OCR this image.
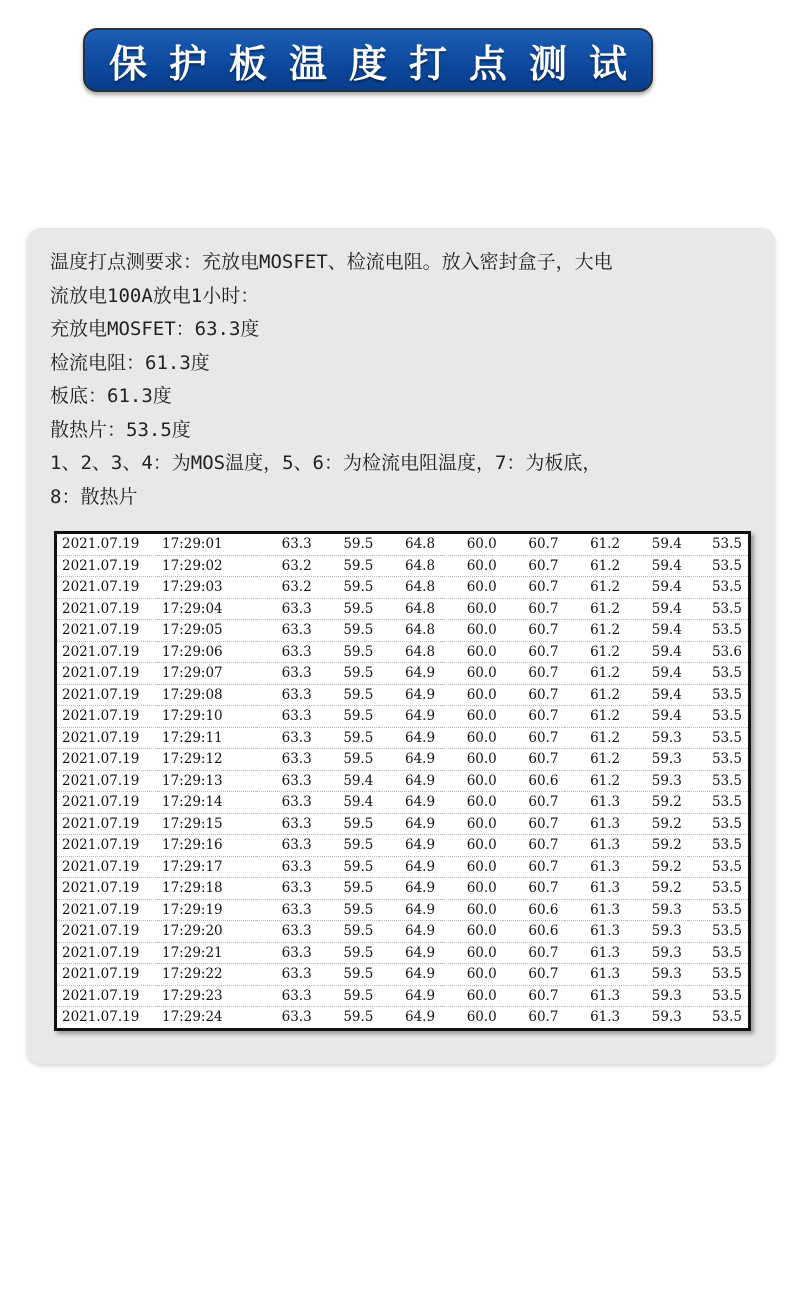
保护板温度打点测试
温度打点测要求：充放电MOSFET、检流电阻。放入密封盒子，大电
流放电100A放电1小时：
充放电MOSFET：63.3度
检流电阻：61.3度
板底：61.3度
散热片：53.5度
1、2、3、4：为MOS温度，5、6：为检流电阻温度，7：为板底，
8：散热片
2021.07.19	17:29:01	63.3	59.5	64.8	60.0	60.7	61.2	59.4	53.5
2021.07.19	17:29:02	63.2	59.5	64.8	60.0	60.7	61.2	59.4	53.5
2021.07.19	17:29:03	63.2	59.5	64.8	60.0	60.7	61.2	59.4	53.5
2021.07.19	17:29:04	63.3	59.5	64.8	60.0	60.7	61.2	59.4	53.5
2021.07.19	17:29:05	63.3	59.5	64.8	60.0	60.7	61.2	59.4	53.5
2021.07.19	17:29:06	63.3	59.5	64.8	60.0	60.7	61.2	59.4	53.6
2021.07.19	17:29:07	63.3	59.5	64.9	60.0	60.7	61.2	59.4	53.5
2021.07.19	17:29:08	63.3	59.5	64.9	60.0	60.7	61.2	59.4	53.5
2021.07.19	17:29:10	63.3	59.5	64.9	60.0	60.7	61.2	59.4	53.5
2021.07.19	17:29:11	63.3	59.5	64.9	60.0	60.7	61.2	59.3	53.5
2021.07.19	17:29:12	63.3	59.5	64.9	60.0	60.7	61.2	59.3	53.5
2021.07.19	17:29:13	63.3	59.4	64.9	60.0	60.6	61.2	59.3	53.5
2021.07.19	17:29:14	63.3	59.4	64.9	60.0	60.7	61.3	59.2	53.5
2021.07.19	17:29:15	63.3	59.5	64.9	60.0	60.7	61.3	59.2	53.5
2021.07.19	17:29:16	63.3	59.5	64.9	60.0	60.7	61.3	59.2	53.5
2021.07.19	17:29:17	63.3	59.5	64.9	60.0	60.7	61.3	59.2	53.5
2021.07.19	17:29:18	63.3	59.5	64.9	60.0	60.7	61.3	59.2	53.5
2021.07.19	17:29:19	63.3	59.5	64.9	60.0	60.6	61.3	59.3	53.5
2021.07.19	17:29:20	63.3	59.5	64.9	60.0	60.6	61.3	59.3	53.5
2021.07.19	17:29:21	63.3	59.5	64.9	60.0	60.7	61.3	59.3	53.5
2021.07.19	17:29:22	63.3	59.5	64.9	60.0	60.7	61.3	59.3	53.5
2021.07.19	17:29:23	63.3	59.5	64.9	60.0	60.7	61.3	59.3	53.5
2021.07.19	17:29:24	63.3	59.5	64.9	60.0	60.7	61.3	59.3	53.5
